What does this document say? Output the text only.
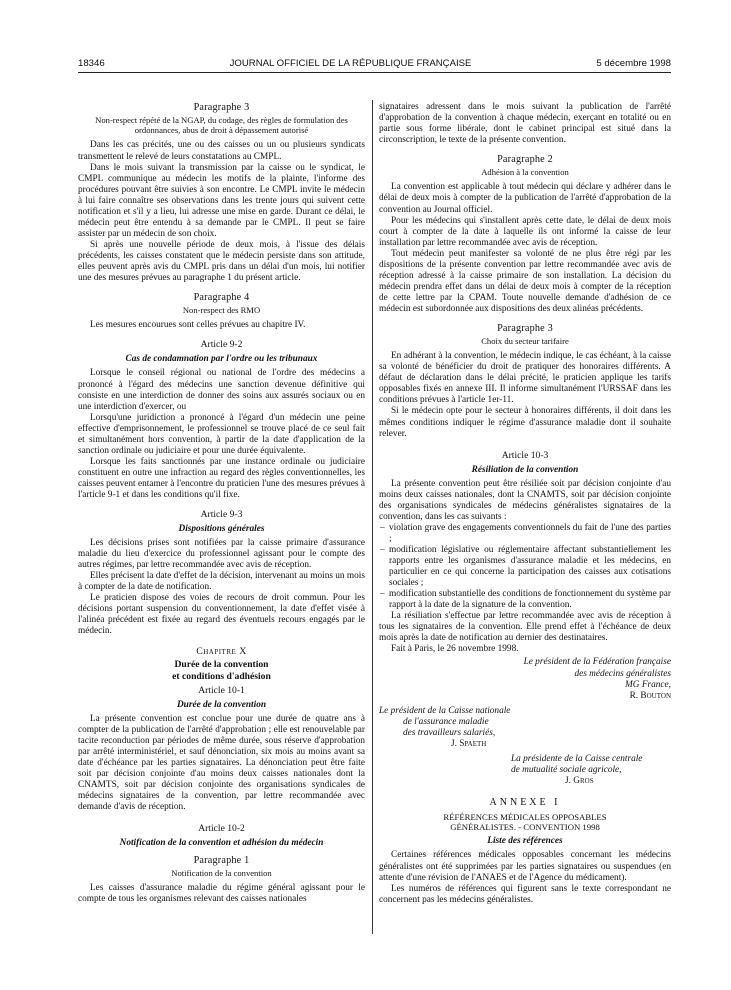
18346	JOURNAL OFFICIEL DE LA RÉPUBLIQUE FRANÇAISE	5 décembre 1998
Paragraphe 3
Non-respect répété de la NGAP, du codage, des règles de formulation des ordonnances, abus de droit à dépassement autorisé

Dans les cas précités, une ou des caisses ou un ou plusieurs syndicats transmettent le relevé de leurs constatations au CMPL.

Dans le mois suivant la transmission par la caisse ou le syndicat, le CMPL communique au médecin les motifs de la plainte, l'informe des procédures pouvant être suivies à son encontre. Le CMPL invite le médecin à lui faire connaître ses observations dans les trente jours qui suivent cette notification et s'il y a lieu, lui adresse une mise en garde. Durant ce délai, le médecin peut être entendu à sa demande par le CMPL. Il peut se faire assister par un médecin de son choix.

Si après une nouvelle période de deux mois, à l'issue des délais précédents, les caisses constatent que le médecin persiste dans son attitude, elles peuvent après avis du CMPL pris dans un délai d'un mois, lui notifier une des mesures prévues au paragraphe 1 du présent article.

Paragraphe 4
Non-respect des RMO

Les mesures encourues sont celles prévues au chapitre IV.

Article 9-2
Cas de condamnation par l'ordre ou les tribunaux

Lorsque le conseil régional ou national de l'ordre des médecins a prononcé à l'égard des médecins une sanction devenue définitive qui consiste en une interdiction de donner des soins aux assurés sociaux ou en une interdiction d'exercer, ou

Lorsqu'une juridiction a prononcé à l'égard d'un médecin une peine effective d'emprisonnement, le professionnel se trouve placé de ce seul fait et simultanément hors convention, à partir de la date d'application de la sanction ordinale ou judiciaire et pour une durée équivalente.

Lorsque les faits sanctionnés par une instance ordinale ou judiciaire constituent en outre une infraction au regard des règles conventionnelles, les caisses peuvent entamer à l'encontre du praticien l'une des mesures prévues à l'article 9-1 et dans les conditions qu'il fixe.

Article 9-3
Dispositions générales

Les décisions prises sont notifiées par la caisse primaire d'assurance maladie du lieu d'exercice du professionnel agissant pour le compte des autres régimes, par lettre recommandée avec avis de réception.

Elles précisent la date d'effet de la décision, intervenant au moins un mois à compter de la date de notification.

Le praticien dispose des voies de recours de droit commun. Pour les décisions portant suspension du conventionnement, la date d'effet visée à l'alinéa précédent est fixée au regard des éventuels recours engagés par le médecin.

Chapitre X
Durée de la convention
et conditions d'adhésion
Article 10-1
Durée de la convention

La présente convention est conclue pour une durée de quatre ans à compter de la publication de l'arrêté d'approbation ; elle est renouvelable par tacite reconduction par périodes de même durée, sous réserve d'approbation par arrêté interministériel, et sauf dénonciation, six mois au moins avant sa date d'échéance par les parties signataires. La dénonciation peut être faite soit par décision conjointe d'au moins deux caisses nationales dont la CNAMTS, soit par décision conjointe des organisations syndicales de médecins signataires de la convention, par lettre recommandée avec demande d'avis de réception.

Article 10-2
Notification de la convention et adhésion du médecin
Paragraphe 1
Notification de la convention

Les caisses d'assurance maladie du régime général agissant pour le compte de tous les organismes relevant des caisses nationales

signataires adressent dans le mois suivant la publication de l'arrêté d'approbation de la convention à chaque médecin, exerçant en totalité ou en partie sous forme libérale, dont le cabinet principal est situé dans la circonscription, le texte de la présente convention.

Paragraphe 2
Adhésion à la convention

La convention est applicable à tout médecin qui déclare y adhérer dans le délai de deux mois à compter de la publication de l'arrêté d'approbation de la convention au Journal officiel.

Pour les médecins qui s'installent après cette date, le délai de deux mois court à compter de la date à laquelle ils ont informé la caisse de leur installation par lettre recommandée avec avis de réception.

Tout médecin peut manifester sa volonté de ne plus être régi par les dispositions de la présente convention par lettre recommandée avec avis de réception adressé à la caisse primaire de son installation. La décision du médecin prendra effet dans un délai de deux mois à compter de la réception de cette lettre par la CPAM. Toute nouvelle demande d'adhésion de ce médecin est subordonnée aux dispositions des deux alinéas précédents.

Paragraphe 3
Choix du secteur tarifaire

En adhérant à la convention, le médecin indique, le cas échéant, à la caisse sa volonté de bénéficier du droit de pratiquer des honoraires différents. A défaut de déclaration dans le délai précité, le praticien applique les tarifs opposables fixés en annexe III. Il informe simultanément l'URSSAF dans les conditions prévues à l'article 1er-11.

Si le médecin opte pour le secteur à honoraires différents, il doit dans les mêmes conditions indiquer le régime d'assurance maladie dont il souhaite relever.

Article 10-3
Résiliation de la convention

La présente convention peut être résiliée soit par décision conjointe d'au moins deux caisses nationales, dont la CNAMTS, soit par décision conjointe des organisations syndicales de médecins généralistes signataires de la convention, dans les cas suivants :

– violation grave des engagements conventionnels du fait de l'une des parties ;
– modification législative ou réglementaire affectant substantiellement les rapports entre les organismes d'assurance maladie et les médecins, en particulier en ce qui concerne la participation des caisses aux cotisations sociales ;
– modification substantielle des conditions de fonctionnement du système par rapport à la date de la signature de la convention.

La résiliation s'effectue par lettre recommandée avec avis de réception à tous les signataires de la convention. Elle prend effet à l'échéance de deux mois après la date de notification au dernier des destinataires.

Fait à Paris, le 26 novembre 1998.

Le président de la Fédération française
des médecins généralistes
MG France,
R. Bouton
Le président de la Caisse nationale
de l'assurance maladie
des travailleurs salariés,
J. Spaeth
La présidente de la Caisse centrale
de mutualité sociale agricole,
J. Gros
ANNEXE I
RÉFÉRENCES MÉDICALES OPPOSABLES
GÉNÉRALISTES. - CONVENTION 1998
Liste des références

Certaines références médicales opposables concernant les médecins généralistes ont été supprimées par les parties signataires ou suspendues (en attente d'une révision de l'ANAES et de l'Agence du médicament).

Les numéros de références qui figurent sans le texte correspondant ne concernent pas les médecins généralistes.
